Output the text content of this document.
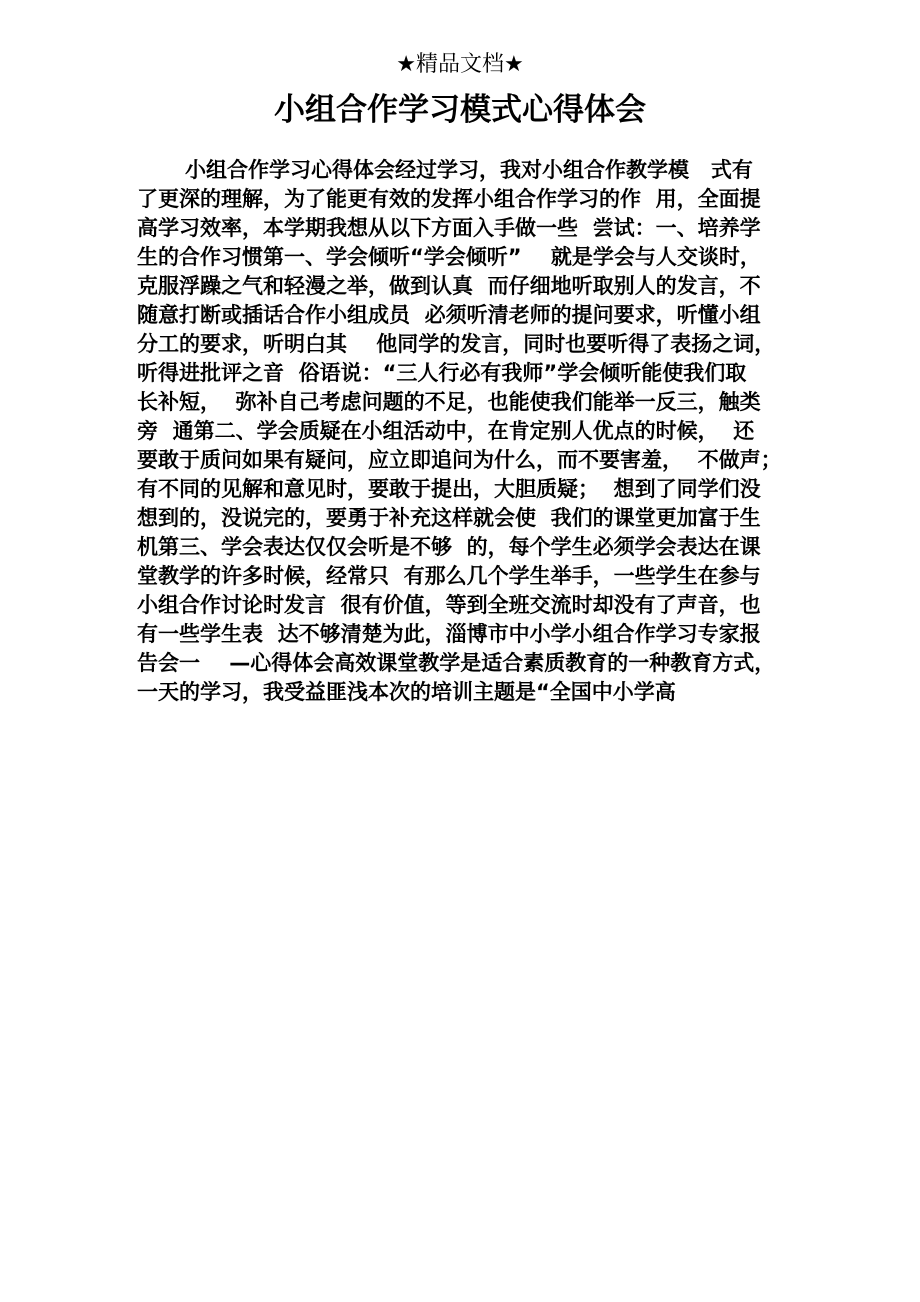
★精品文档★
小组合作学习模式心得体会
小组合作学习心得体会经过学习，我对小组合作教学模   式有
了更深的理解，为了能更有效的发挥小组合作学习的作  用，全面提
高学习效率，本学期我想从以下方面入手做一些  尝试：一、培养学
生的合作习惯第一、学会倾听“学会倾听”    就是学会与人交谈时，
克服浮躁之气和轻漫之举，做到认真  而仔细地听取别人的发言，不
随意打断或插话合作小组成员  必须听清老师的提问要求，听懂小组
分工的要求，听明白其    他同学的发言，同时也要听得了表扬之词，
听得进批评之音  俗语说：“三人行必有我师”学会倾听能使我们取
长补短，  弥补自己考虑问题的不足，也能使我们能举一反三，触类
旁  通第二、学会质疑在小组活动中，在肯定别人优点的时候，  还
要敢于质问如果有疑问，应立即追问为什么，而不要害羞，  不做声；
有不同的见解和意见时，要敢于提出，大胆质疑；  想到了同学们没
想到的，没说完的，要勇于补充这样就会使  我们的课堂更加富于生
机第三、学会表达仅仅会听是不够  的，每个学生必须学会表达在课
堂教学的许多时候，经常只  有那么几个学生举手，一些学生在参与
小组合作讨论时发言  很有价值，等到全班交流时却没有了声音，也
有一些学生表  达不够清楚为此，淄博市中小学小组合作学习专家报
告会一    —心得体会高效课堂教学是适合素质教育的一种教育方式，
一天的学习，我受益匪浅本次的培训主题是“全国中小学高
